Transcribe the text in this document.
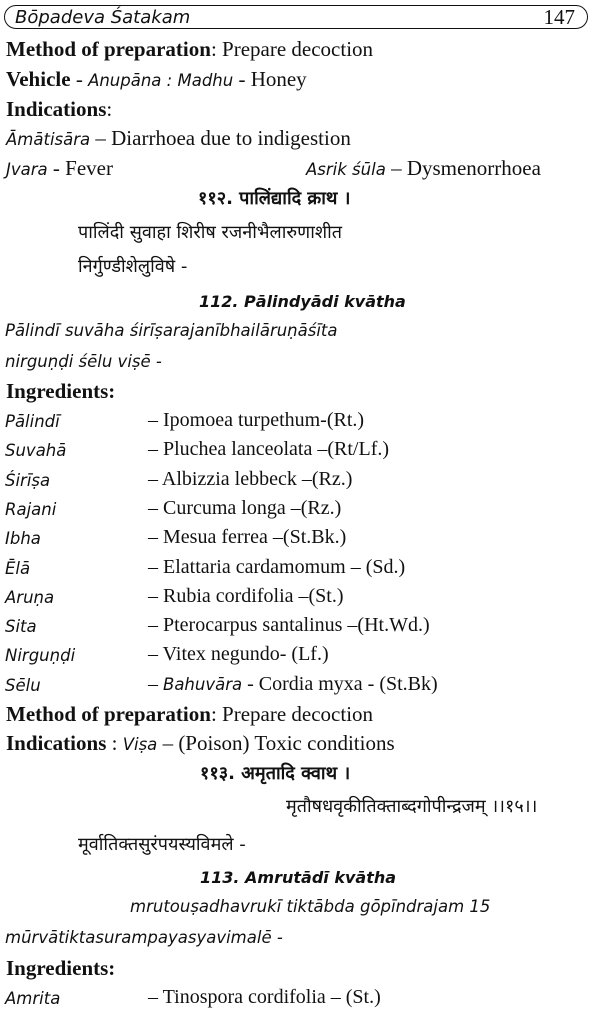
Bōpadeva Śatakam	147
Method of preparation: Prepare decoction
Vehicle - Anupāna : Madhu - Honey
Indications:
Āmātisāra – Diarrhoea due to indigestion
Jvara - Fever	Asrik śūla – Dysmenorrhoea
११२. पालिंद्यादि क्राथ ।
पालिंदी सुवाहा शिरीष रजनीभैलारुणाशीत
निर्गुण्डीशेलुविषे -
112. Pālindyādi kvātha
Pālindī suvāha śirīṣarajanībhailāruṇāśīta
nirguṇḍi śēlu viṣē -
Ingredients:
Pālindī	– Ipomoea turpethum-(Rt.)
Suvahā	– Pluchea lanceolata –(Rt/Lf.)
Śirīṣa	– Albizzia lebbeck –(Rz.)
Rajani	– Curcuma longa –(Rz.)
Ibha	– Mesua ferrea –(St.Bk.)
Ēlā	– Elattaria cardamomum – (Sd.)
Aruṇa	– Rubia cordifolia –(St.)
Sita	– Pterocarpus santalinus –(Ht.Wd.)
Nirguṇḍi	– Vitex negundo- (Lf.)
Sēlu	– Bahuvāra - Cordia myxa - (St.Bk)
Method of preparation: Prepare decoction
Indications : Viṣa – (Poison) Toxic conditions
११३. अमृतादि क्वाथ ।
मृतौषधवृकीतिक्ताब्दगोपीन्द्रजम् ।।१५।।
मूर्वातिक्तसुरंपयस्यविमले -
113. Amrutādī kvātha
mrutouṣadhavrukī tiktābda gōpīndrajam 15
mūrvātiktasurampayasyavimalē -
Ingredients:
Amrita	– Tinospora cordifolia – (St.)
